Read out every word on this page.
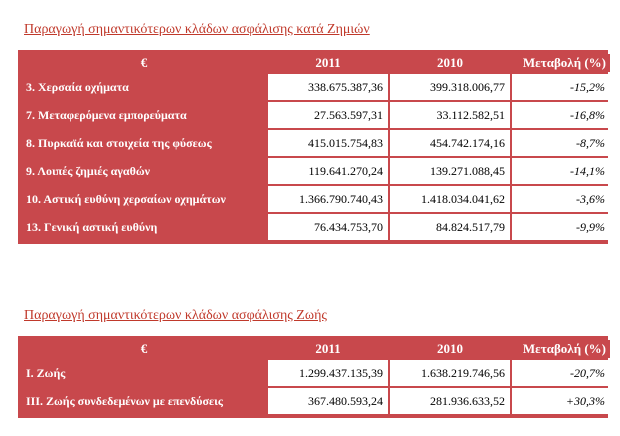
Παραγωγή σημαντικότερων κλάδων ασφάλισης κατά Ζημιών
€	2011	2010	Μεταβολή (%)
3. Χερσαία οχήματα	338.675.387,36	399.318.006,77	-15,2%
7. Μεταφερόμενα εμπορεύματα	27.563.597,31	33.112.582,51	-16,8%
8. Πυρκαϊά και στοιχεία της φύσεως	415.015.754,83	454.742.174,16	-8,7%
9. Λοιπές ζημιές αγαθών	119.641.270,24	139.271.088,45	-14,1%
10. Αστική ευθύνη χερσαίων οχημάτων	1.366.790.740,43	1.418.034.041,62	-3,6%
13. Γενική αστική ευθύνη	76.434.753,70	84.824.517,79	-9,9%
Παραγωγή σημαντικότερων κλάδων ασφάλισης Ζωής
€	2011	2010	Μεταβολή (%)
I. Ζωής	1.299.437.135,39	1.638.219.746,56	-20,7%
III. Ζωής συνδεδεμένων με επενδύσεις	367.480.593,24	281.936.633,52	+30,3%
